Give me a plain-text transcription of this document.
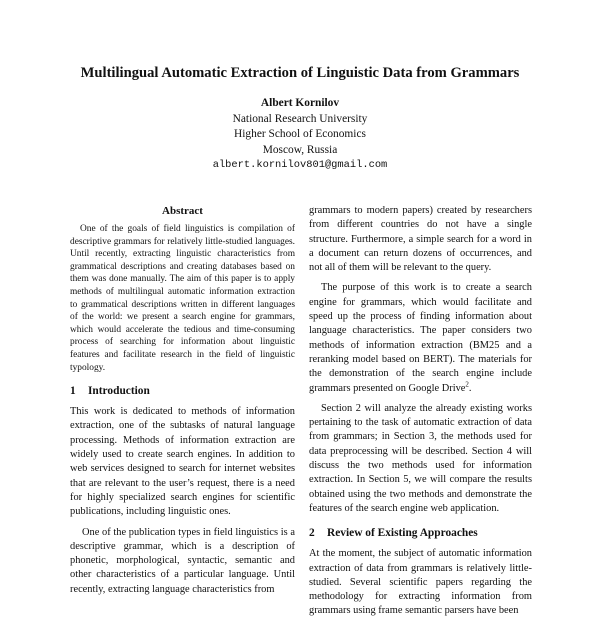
Multilingual Automatic Extraction of Linguistic Data from Grammars
Albert Kornilov
National Research University
Higher School of Economics
Moscow, Russia
albert.kornilov801@gmail.com
Abstract

One of the goals of field linguistics is compilation of descriptive grammars for relatively little-studied languages. Until recently, extracting linguistic characteristics from grammatical descriptions and creating databases based on them was done manually. The aim of this paper is to apply methods of multilingual automatic information extraction to grammatical descriptions written in different languages of the world: we present a search engine for grammars, which would accelerate the tedious and time-consuming process of searching for information about linguistic features and facilitate research in the field of linguistic typology.

1 Introduction

This work is dedicated to methods of information extraction, one of the subtasks of natural language processing. Methods of information extraction are widely used to create search engines. In addition to web services designed to search for internet websites that are relevant to the user’s request, there is a need for highly specialized search engines for scientific publications, including linguistic ones.

One of the publication types in field linguistics is a descriptive grammar, which is a description of phonetic, morphological, syntactic, semantic and other characteristics of a particular language. Until recently, extracting language characteristics from

grammars to modern papers) created by researchers from different countries do not have a single structure. Furthermore, a simple search for a word in a document can return dozens of occurrences, and not all of them will be relevant to the query.

The purpose of this work is to create a search engine for grammars, which would facilitate and speed up the process of finding information about language characteristics. The paper considers two methods of information extraction (BM25 and a reranking model based on BERT). The materials for the demonstration of the search engine include grammars presented on Google Drive$^2$.

Section 2 will analyze the already existing works pertaining to the task of automatic extraction of data from grammars; in Section 3, the methods used for data preprocessing will be described. Section 4 will discuss the two methods used for information extraction. In Section 5, we will compare the results obtained using the two methods and demonstrate the features of the search engine web application.

2 Review of Existing Approaches

At the moment, the subject of automatic information extraction of data from grammars is relatively little-studied. Several scientific papers regarding the methodology for extracting information from grammars using frame semantic parsers have been
